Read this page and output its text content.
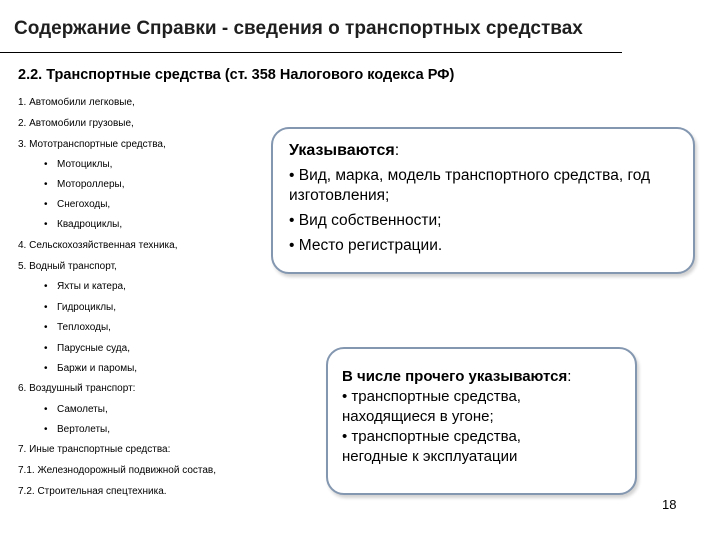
Содержание Справки - сведения о транспортных средствах
2.2. Транспортные средства (ст. 358 Налогового кодекса РФ)
1. Автомобили легковые,
2. Автомобили грузовые,
3. Мототранспортные средства,
• Мотоциклы,
• Мотороллеры,
• Снегоходы,
• Квадроциклы,
4. Сельскохозяйственная техника,
5. Водный транспорт,
• Яхты и катера,
• Гидроциклы,
• Теплоходы,
• Парусные суда,
• Баржи и паромы,
6. Воздушный транспорт:
• Самолеты,
• Вертолеты,
7. Иные транспортные средства:
7.1. Железнодорожный подвижной состав,
7.2. Строительная спецтехника.
Указываются:
• Вид, марка, модель транспортного средства, год изготовления;
• Вид собственности;
• Место регистрации.
В числе прочего указываются:
• транспортные средства,
находящиеся в угоне;
• транспортные средства,
негодные к эксплуатации
18
